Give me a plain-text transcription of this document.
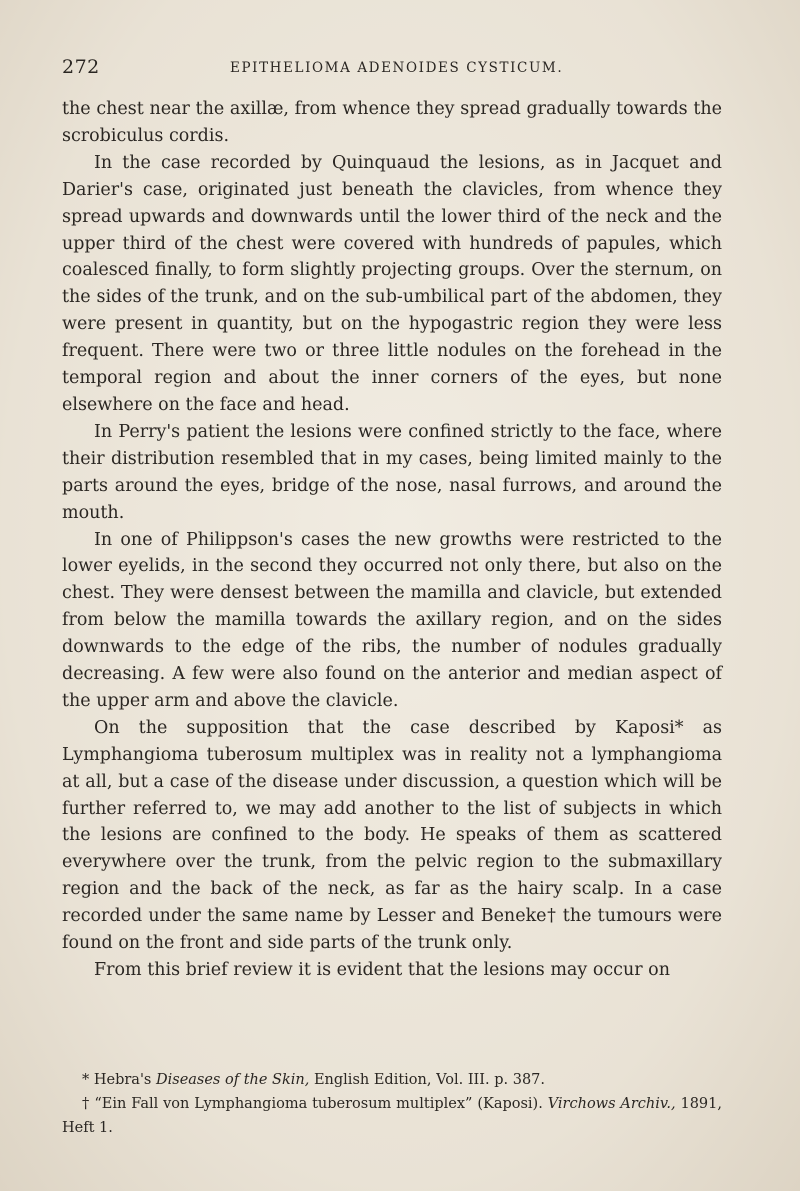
272	EPITHELIOMA ADENOIDES CYSTICUM.

the chest near the axillæ, from whence they spread gradually towards the scrobiculus cordis.

In the case recorded by Quinquaud the lesions, as in Jacquet and Darier's case, originated just beneath the clavicles, from whence they spread upwards and downwards until the lower third of the neck and the upper third of the chest were covered with hundreds of papules, which coalesced finally, to form slightly projecting groups. Over the sternum, on the sides of the trunk, and on the sub-umbilical part of the abdomen, they were present in quantity, but on the hypogastric region they were less frequent. There were two or three little nodules on the forehead in the temporal region and about the inner corners of the eyes, but none elsewhere on the face and head.

In Perry's patient the lesions were confined strictly to the face, where their distribution resembled that in my cases, being limited mainly to the parts around the eyes, bridge of the nose, nasal furrows, and around the mouth.

In one of Philippson's cases the new growths were restricted to the lower eyelids, in the second they occurred not only there, but also on the chest. They were densest between the mamilla and clavicle, but extended from below the mamilla towards the axillary region, and on the sides downwards to the edge of the ribs, the number of nodules gradually decreasing. A few were also found on the anterior and median aspect of the upper arm and above the clavicle.

On the supposition that the case described by Kaposi* as Lymphangioma tuberosum multiplex was in reality not a lymphangioma at all, but a case of the disease under discussion, a question which will be further referred to, we may add another to the list of subjects in which the lesions are confined to the body. He speaks of them as scattered everywhere over the trunk, from the pelvic region to the submaxillary region and the back of the neck, as far as the hairy scalp. In a case recorded under the same name by Lesser and Beneke† the tumours were found on the front and side parts of the trunk only.

From this brief review it is evident that the lesions may occur on

* Hebra's Diseases of the Skin, English Edition, Vol. III. p. 387.

† “Ein Fall von Lymphangioma tuberosum multiplex” (Kaposi). Virchows Archiv., 1891, Heft 1.
